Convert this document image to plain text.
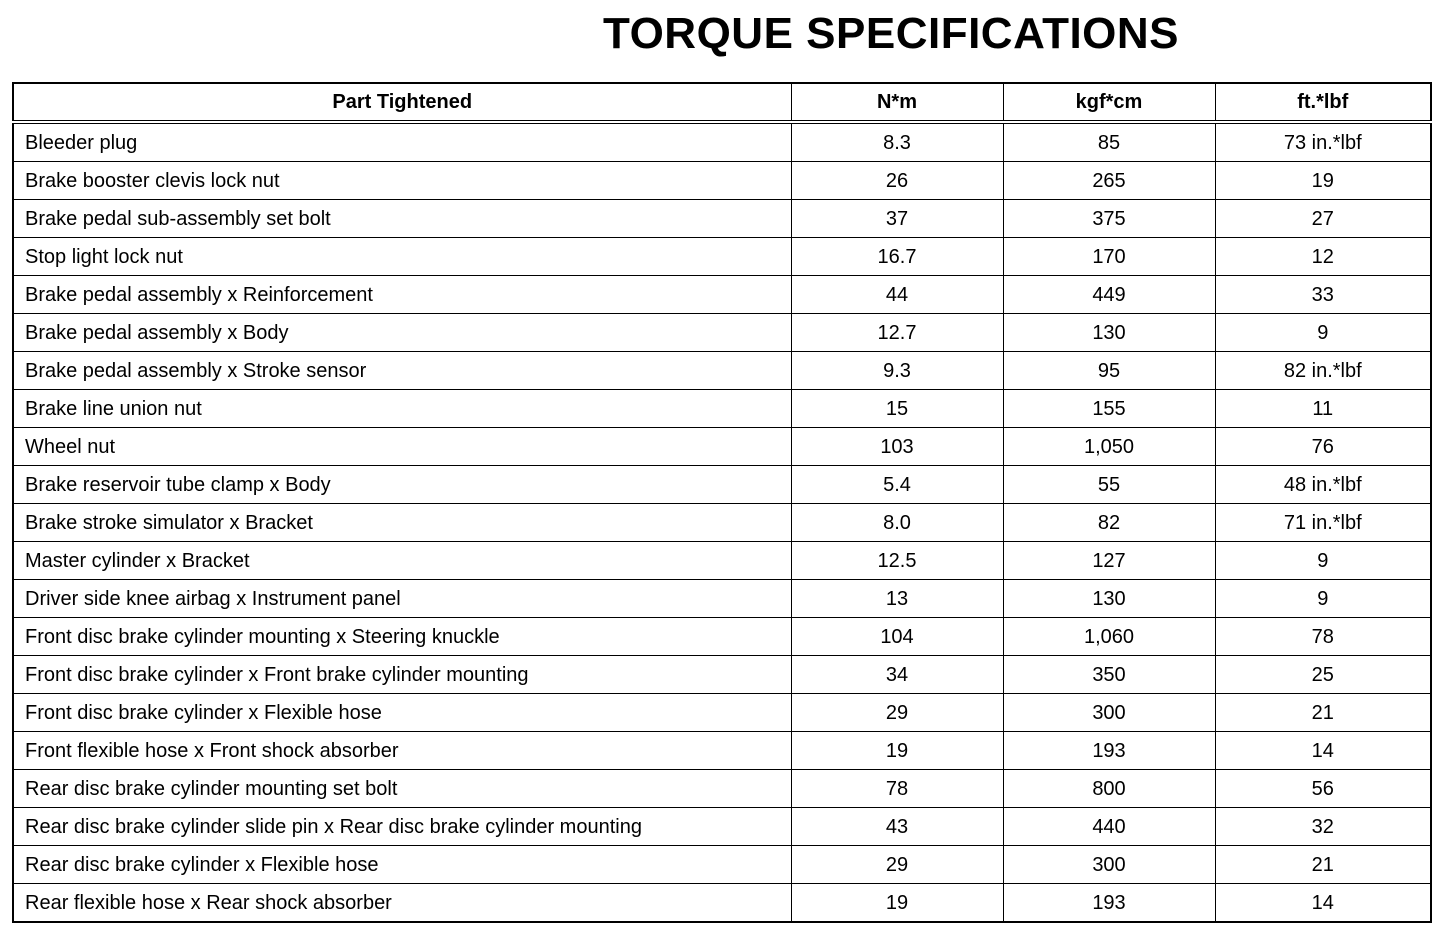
TORQUE SPECIFICATIONS
Part Tightened	N*m	kgf*cm	ft.*lbf
Bleeder plug	8.3	85	73 in.*lbf
Brake booster clevis lock nut	26	265	19
Brake pedal sub-assembly set bolt	37	375	27
Stop light lock nut	16.7	170	12
Brake pedal assembly x Reinforcement	44	449	33
Brake pedal assembly x Body	12.7	130	9
Brake pedal assembly x Stroke sensor	9.3	95	82 in.*lbf
Brake line union nut	15	155	11
Wheel nut	103	1,050	76
Brake reservoir tube clamp x Body	5.4	55	48 in.*lbf
Brake stroke simulator x Bracket	8.0	82	71 in.*lbf
Master cylinder x Bracket	12.5	127	9
Driver side knee airbag x Instrument panel	13	130	9
Front disc brake cylinder mounting x Steering knuckle	104	1,060	78
Front disc brake cylinder x Front brake cylinder mounting	34	350	25
Front disc brake cylinder x Flexible hose	29	300	21
Front flexible hose x Front shock absorber	19	193	14
Rear disc brake cylinder mounting set bolt	78	800	56
Rear disc brake cylinder slide pin x Rear disc brake cylinder mounting	43	440	32
Rear disc brake cylinder x Flexible hose	29	300	21
Rear flexible hose x Rear shock absorber	19	193	14
